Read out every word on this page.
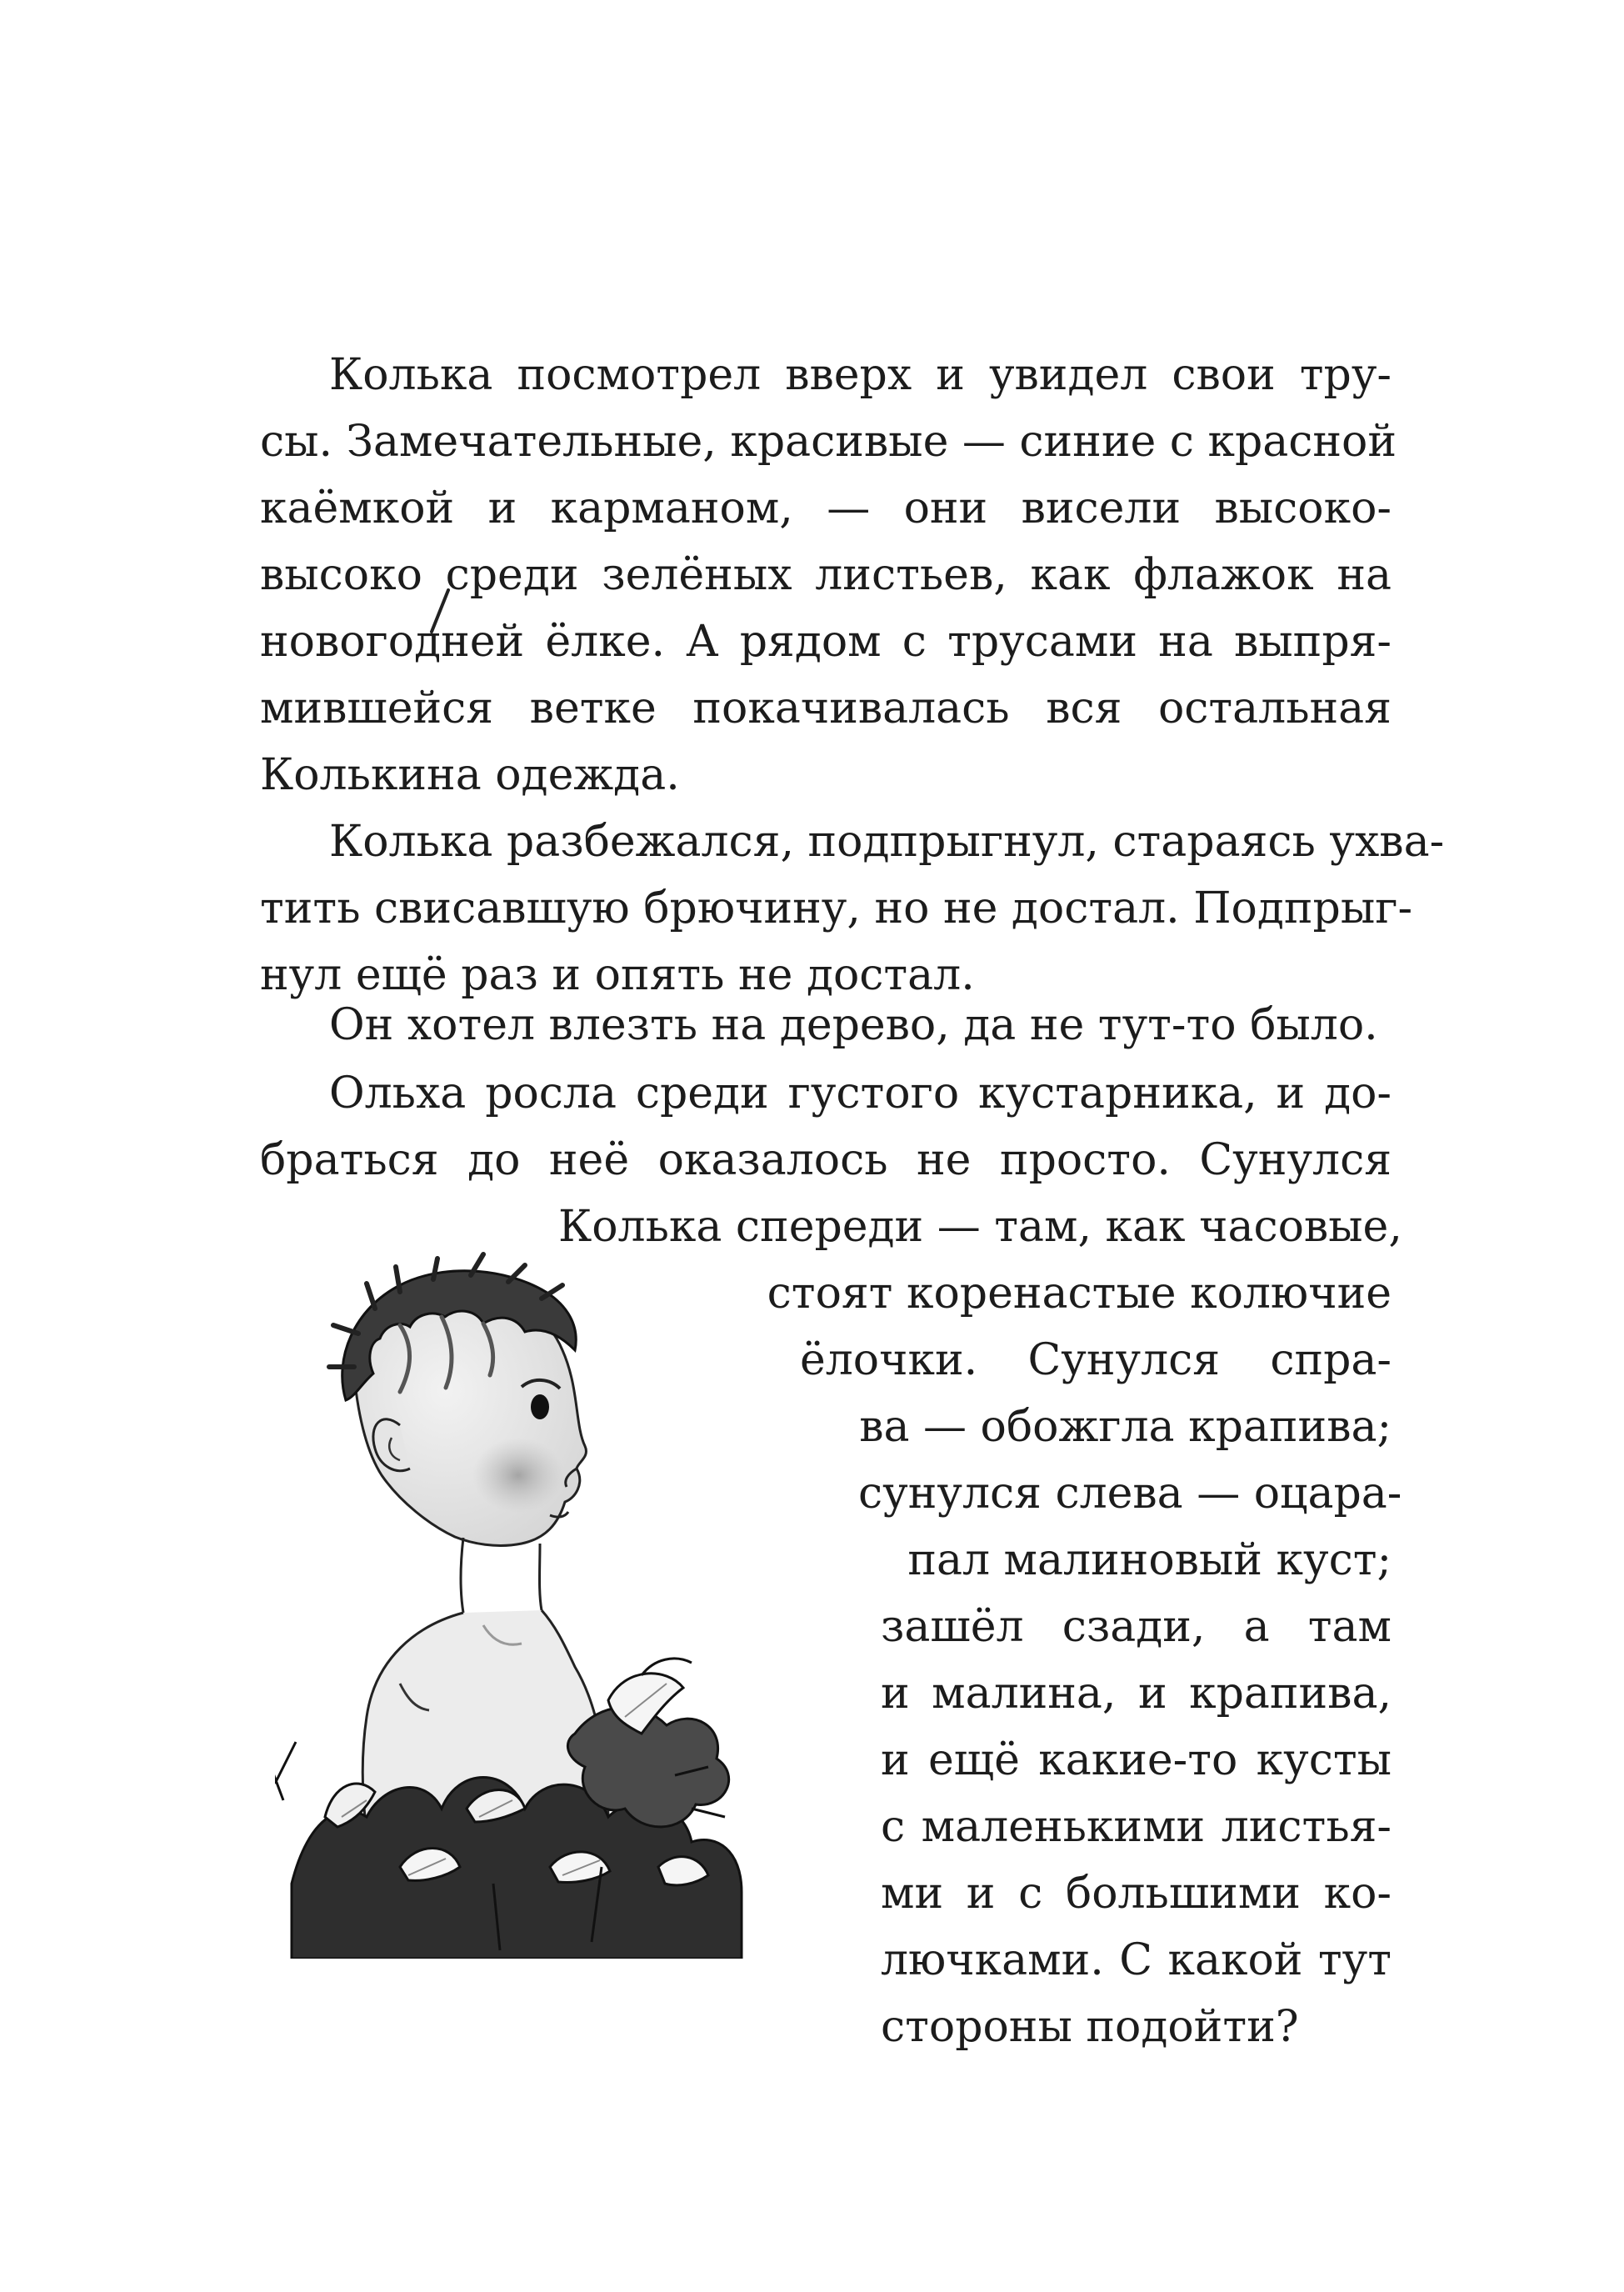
Колька посмотрел вверх и увидел свои тру-
сы. Замечательные, красивые — синие с красной
каёмкой и карманом, — они висели высоко-
высоко среди зелёных листьев, как флажок на
новогодней ёлке. А рядом с трусами на выпря-
мившейся ветке покачивалась вся остальная
Колькина одежда.
Колька разбежался, подпрыгнул, стараясь ухва-
тить свисавшую брючину, но не достал. Подпрыг-
нул ещё раз и опять не достал.
Он хотел влезть на дерево, да не тут-то было.
Ольха росла среди густого кустарника, и до-
браться до неё оказалось не просто. Сунулся
Колька спереди — там, как часовые,
стоят коренастые колючие
ёлочки. Сунулся спра-
ва — обожгла крапива;
сунулся слева — оцара-
пал малиновый куст;
зашёл сзади, а там
и малина, и крапива,
и ещё какие-то кусты
с маленькими листья-
ми и с большими ко-
лючками. С какой тут
стороны подойти?
